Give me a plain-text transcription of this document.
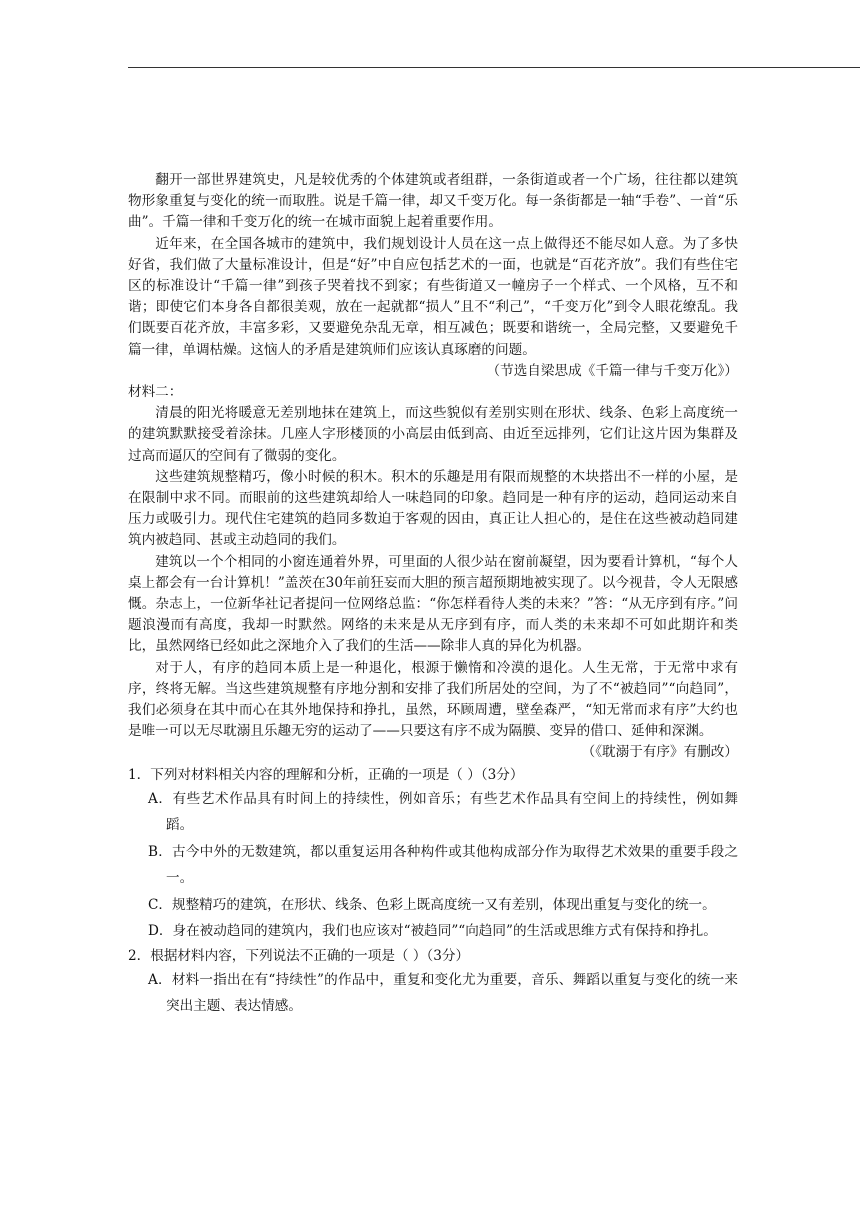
翻开一部世界建筑史，凡是较优秀的个体建筑或者组群，一条街道或者一个广场，往往都以建筑物形象重复与变化的统一而取胜。说是千篇一律，却又千变万化。每一条街都是一轴“手卷”、一首“乐曲”。千篇一律和千变万化的统一在城市面貌上起着重要作用。

近年来，在全国各城市的建筑中，我们规划设计人员在这一点上做得还不能尽如人意。为了多快好省，我们做了大量标准设计，但是“好”中自应包括艺术的一面，也就是“百花齐放”。我们有些住宅区的标准设计“千篇一律”到孩子哭着找不到家；有些街道又一幢房子一个样式、一个风格，互不和谐；即使它们本身各自都很美观，放在一起就都“损人”且不“利己”，“千变万化”到令人眼花缭乱。我们既要百花齐放，丰富多彩，又要避免杂乱无章，相互减色；既要和谐统一，全局完整，又要避免千篇一律，单调枯燥。这恼人的矛盾是建筑师们应该认真琢磨的问题。

（节选自梁思成《千篇一律与千变万化》）

材料二：

清晨的阳光将暖意无差别地抹在建筑上，而这些貌似有差别实则在形状、线条、色彩上高度统一的建筑默默接受着涂抹。几座人字形楼顶的小高层由低到高、由近至远排列，它们让这片因为集群及过高而逼仄的空间有了微弱的变化。

这些建筑规整精巧，像小时候的积木。积木的乐趣是用有限而规整的木块搭出不一样的小屋，是在限制中求不同。而眼前的这些建筑却给人一味趋同的印象。趋同是一种有序的运动，趋同运动来自压力或吸引力。现代住宅建筑的趋同多数迫于客观的因由，真正让人担心的，是住在这些被动趋同建筑内被趋同、甚或主动趋同的我们。

建筑以一个个相同的小窗连通着外界，可里面的人很少站在窗前凝望，因为要看计算机，“每个人桌上都会有一台计算机！”盖茨在30年前狂妄而大胆的预言超预期地被实现了。以今视昔，令人无限感慨。杂志上，一位新华社记者提问一位网络总监：“你怎样看待人类的未来？”答：“从无序到有序。”问题浪漫而有高度，我却一时默然。网络的未来是从无序到有序，而人类的未来却不可如此期许和类比，虽然网络已经如此之深地介入了我们的生活——除非人真的异化为机器。

对于人，有序的趋同本质上是一种退化，根源于懒惰和冷漠的退化。人生无常，于无常中求有序，终将无解。当这些建筑规整有序地分割和安排了我们所居处的空间，为了不“被趋同”“向趋同”，我们必须身在其中而心在其外地保持和挣扎，虽然，环顾周遭，壁垒森严，“知无常而求有序”大约也是唯一可以无尽耽溺且乐趣无穷的运动了——只要这有序不成为隔膜、变异的借口、延伸和深渊。

（《耽溺于有序》有删改）

1．下列对材料相关内容的理解和分析，正确的一项是（ ）（3分）

A．有些艺术作品具有时间上的持续性，例如音乐；有些艺术作品具有空间上的持续性，例如舞蹈。

B．古今中外的无数建筑，都以重复运用各种构件或其他构成部分作为取得艺术效果的重要手段之一。

C．规整精巧的建筑，在形状、线条、色彩上既高度统一又有差别，体现出重复与变化的统一。

D．身在被动趋同的建筑内，我们也应该对“被趋同”“向趋同”的生活或思维方式有保持和挣扎。

2．根据材料内容，下列说法不正确的一项是（ ）（3分）

A．材料一指出在有“持续性”的作品中，重复和变化尤为重要，音乐、舞蹈以重复与变化的统一来突出主题、表达情感。
